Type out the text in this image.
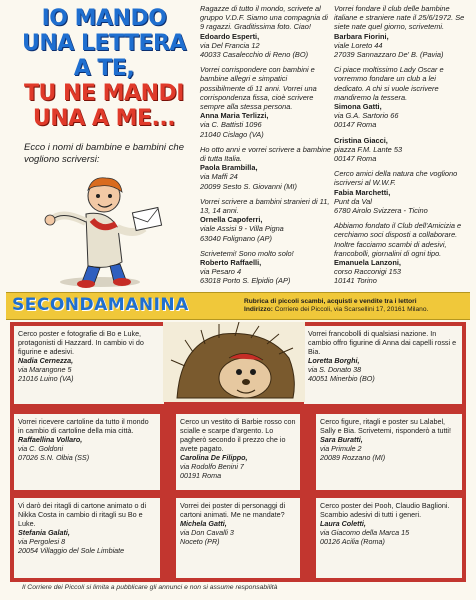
IO MANDO
UNA LETTERA
A TE,
TU NE MANDI
UNA A ME...
Ecco i nomi di bambine e bambini che vogliono scriversi:
Ragazze di tutto il mondo, scrivete al gruppo V.D.F. Siamo una compagnia di 9 ragazzi. Graditissima foto. Ciao!
Edoardo Esperti,
via Del Francia 12
40033 Casalecchio di Reno (BO)
Vorrei corrispondere con bambini e bambine allegri e simpatici possibilmente di 11 anni. Vorrei una corrispondenza fissa, cioè scrivere sempre alla stessa persona.
Anna Maria Terlizzi,
via C. Battisti 1096
21040 Cislago (VA)
Ho otto anni e vorrei scrivere a bambine di tutta Italia.
Paola Brambilla,
via Maffi 24
20099 Sesto S. Giovanni (MI)
Vorrei scrivere a bambini stranieri di 11, 13, 14 anni.
Ornella Capoferri,
viale Assisi 9 - Villa Pigna
63040 Folignano (AP)
Scrivetemi! Sono molto solo!
Roberto Raffaelli,
via Pesaro 4
63018 Porto S. Elpidio (AP)
Vorrei fondare il club delle bambine italiane e straniere nate il 25/6/1972. Se siete nate quel giorno, scrivetemi.
Barbara Fiorini,
viale Loreto 44
27039 Sannazzaro De' B. (Pavia)
Ci piace moltissimo Lady Oscar e vorremmo fondare un club a lei dedicato. A chi si vuole iscrivere mandiremo la tessera.
Simona Gatti,
via G.A. Sartorio 66
00147 Roma
Cristina Giacci,
piazza F.M. Lante 53
00147 Roma
Cerco amici della natura che vogliono iscriversi al W.W.F.
Fabia Marchetti,
Punt da Val
6780 Airolo Svizzera - Ticino
Abbiamo fondato il Club dell'Amicizia e cerchiamo soci disposti a collaborare. Inoltre facciamo scambi di adesivi, francobolli, giornalini di ogni tipo.
Emanuela Lanzoni,
corso Racconigi 153
10141 Torino
SECONDAMANINA	Rubrica di piccoli scambi, acquisti e vendite tra i lettori
Indirizzo: Corriere dei Piccoli, via Scarsellini 17, 20161 Milano.
Cerco poster e fotografie di Bo e Luke, protagonisti di Hazzard. In cambio vi do figurine e adesivi.
Nadia Cernezza,
via Marangone 5
21016 Luino (VA)
Vorrei francobolli di qualsiasi nazione. In cambio offro figurine di Anna dai capelli rossi e Bia.
Loretta Borghi,
via S. Donato 38
40051 Minerbio (BO)
Vorrei ricevere cartoline da tutto il mondo in cambio di cartoline della mia città.
Raffaellina Vollaro,
via C. Goldoni
07026 S.N. Olbia (SS)
Cerco un vestito di Barbie rosso con scialle e scarpe d'argento. Lo pagherò secondo il prezzo che io avete pagato.
Carolina De Filippo,
via Rodolfo Benini 7
00191 Roma
Cerco figure, ritagli e poster su Lalabel, Sally e Bia. Scrivetemi, risponderò a tutti!
Sara Buratti,
via Primule 2
20089 Rozzano (MI)
Vi darò dei ritagli di cartone animato o di Nikka Costa in cambio di ritagli su Bo e Luke.
Stefania Galati,
via Pergolesi 8
20054 Villaggio del Sole Limbiate
Vorrei dei poster di personaggi di cartoni animati. Me ne mandate?
Michela Gatti,
via Don Cavalli 3
Noceto (PR)
Cerco poster dei Pooh, Claudio Baglioni. Scambio adesivi di tutti i generi.
Laura Coletti,
via Giacomo della Marca 15
00126 Acilia (Roma)
Il Corriere dei Piccoli si limita a pubblicare gli annunci e non si assume responsabilità
